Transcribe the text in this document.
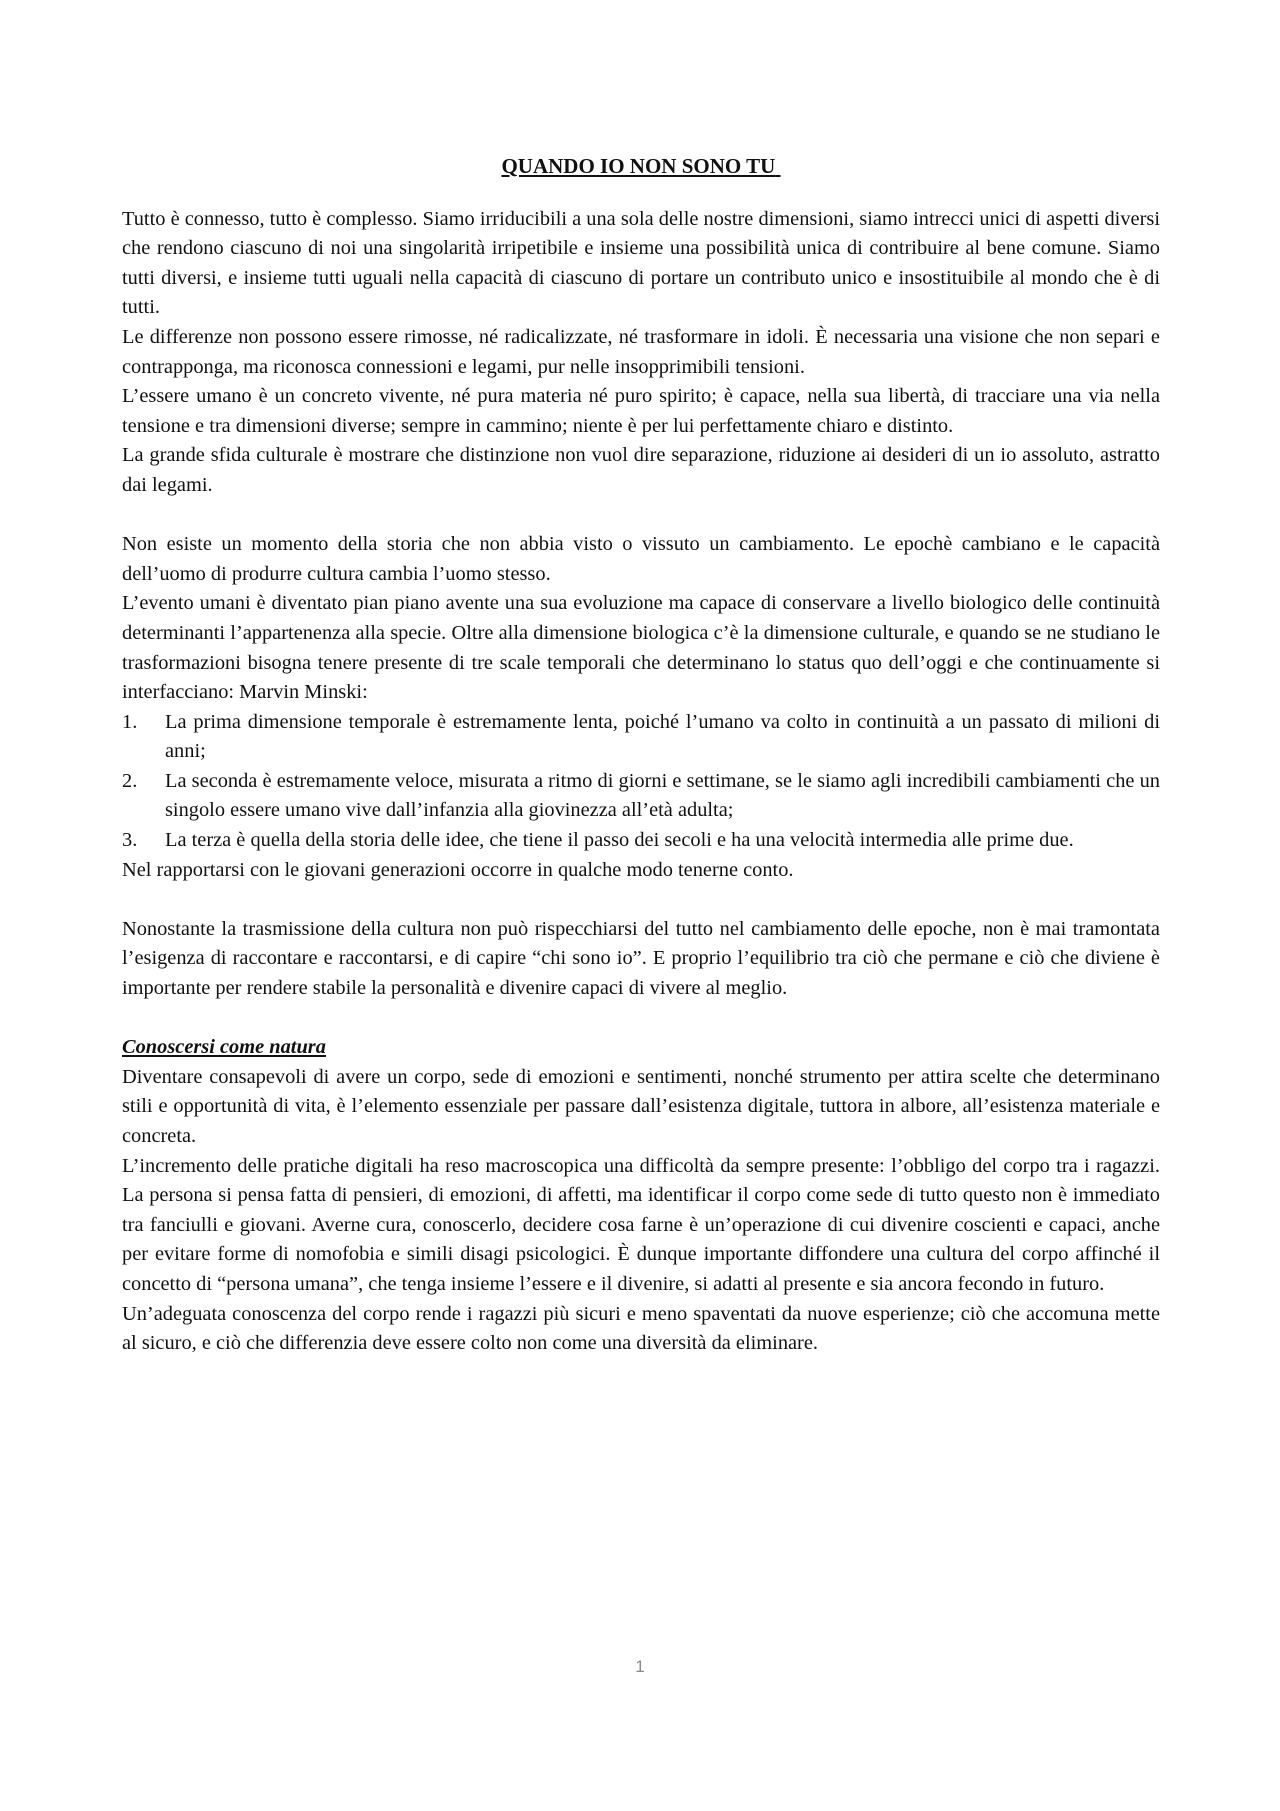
QUANDO IO NON SONO TU

Tutto è connesso, tutto è complesso. Siamo irriducibili a una sola delle nostre dimensioni, siamo intrecci unici di aspetti diversi che rendono ciascuno di noi una singolarità irripetibile e insieme una possibilità unica di contribuire al bene comune. Siamo tutti diversi, e insieme tutti uguali nella capacità di ciascuno di portare un contributo unico e insostituibile al mondo che è di tutti.

Le differenze non possono essere rimosse, né radicalizzate, né trasformare in idoli. È necessaria una visione che non separi e contrapponga, ma riconosca connessioni e legami, pur nelle insopprimibili tensioni.

L’essere umano è un concreto vivente, né pura materia né puro spirito; è capace, nella sua libertà, di tracciare una via nella tensione e tra dimensioni diverse; sempre in cammino; niente è per lui perfettamente chiaro e distinto.

La grande sfida culturale è mostrare che distinzione non vuol dire separazione, riduzione ai desideri di un io assoluto, astratto dai legami.

Non esiste un momento della storia che non abbia visto o vissuto un cambiamento. Le epochè cambiano e le capacità dell’uomo di produrre cultura cambia l’uomo stesso.

L’evento umani è diventato pian piano avente una sua evoluzione ma capace di conservare a livello biologico delle continuità determinanti l’appartenenza alla specie. Oltre alla dimensione biologica c’è la dimensione culturale, e quando se ne studiano le trasformazioni bisogna tenere presente di tre scale temporali che determinano lo status quo dell’oggi e che continuamente si interfacciano: Marvin Minski:

1. La prima dimensione temporale è estremamente lenta, poiché l’umano va colto in continuità a un passato di milioni di anni;
2. La seconda è estremamente veloce, misurata a ritmo di giorni e settimane, se le siamo agli incredibili cambiamenti che un singolo essere umano vive dall’infanzia alla giovinezza all’età adulta;
3. La terza è quella della storia delle idee, che tiene il passo dei secoli e ha una velocità intermedia alle prime due.

Nel rapportarsi con le giovani generazioni occorre in qualche modo tenerne conto.

Nonostante la trasmissione della cultura non può rispecchiarsi del tutto nel cambiamento delle epoche, non è mai tramontata l’esigenza di raccontare e raccontarsi, e di capire “chi sono io”. E proprio l’equilibrio tra ciò che permane e ciò che diviene è importante per rendere stabile la personalità e divenire capaci di vivere al meglio.

Conoscersi come natura

Diventare consapevoli di avere un corpo, sede di emozioni e sentimenti, nonché strumento per attira scelte che determinano stili e opportunità di vita, è l’elemento essenziale per passare dall’esistenza digitale, tuttora in albore, all’esistenza materiale e concreta.

L’incremento delle pratiche digitali ha reso macroscopica una difficoltà da sempre presente: l’obbligo del corpo tra i ragazzi. La persona si pensa fatta di pensieri, di emozioni, di affetti, ma identificar il corpo come sede di tutto questo non è immediato tra fanciulli e giovani. Averne cura, conoscerlo, decidere cosa farne è un’operazione di cui divenire coscienti e capaci, anche per evitare forme di nomofobia e simili disagi psicologici. È dunque importante diffondere una cultura del corpo affinché il concetto di “persona umana”, che tenga insieme l’essere e il divenire, si adatti al presente e sia ancora fecondo in futuro.

Un’adeguata conoscenza del corpo rende i ragazzi più sicuri e meno spaventati da nuove esperienze; ciò che accomuna mette al sicuro, e ciò che differenzia deve essere colto non come una diversità da eliminare.

1
